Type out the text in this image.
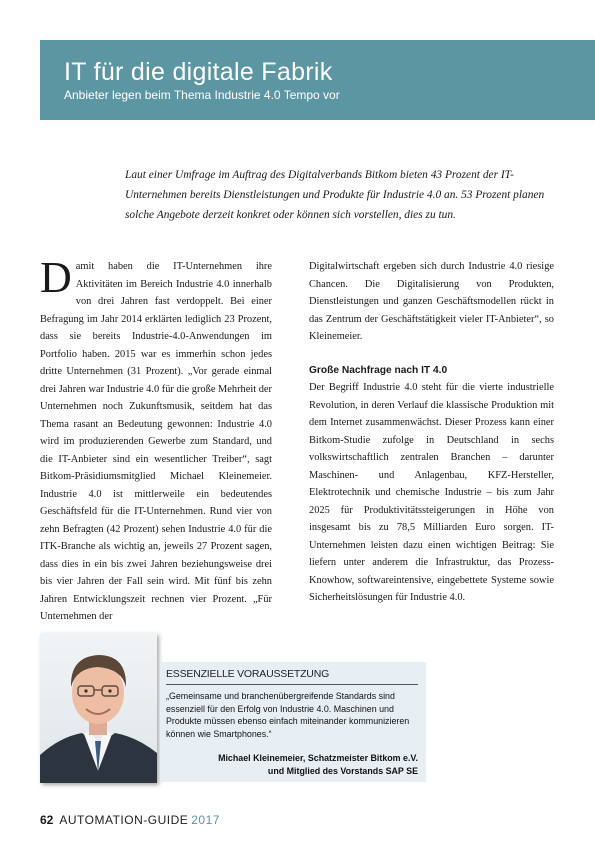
IT für die digitale Fabrik
Anbieter legen beim Thema Industrie 4.0 Tempo vor

Laut einer Umfrage im Auftrag des Digitalverbands Bitkom bieten 43 Prozent der IT-Unternehmen bereits Dienstleistungen und Produkte für Industrie 4.0 an. 53 Prozent planen solche Angebote derzeit konkret oder können sich vorstellen, dies zu tun.

Damit haben die IT-Unternehmen ihre Aktivitäten im Bereich Industrie 4.0 innerhalb von drei Jahren fast verdoppelt. Bei einer Befragung im Jahr 2014 erklärten lediglich 23 Prozent, dass sie bereits Industrie-4.0-Anwendungen im Portfolio haben. 2015 war es immerhin schon jedes dritte Unternehmen (31 Prozent). „Vor gerade einmal drei Jahren war Industrie 4.0 für die große Mehrheit der Unternehmen noch Zukunftsmusik, seitdem hat das Thema rasant an Bedeutung gewonnen: Industrie 4.0 wird im produzierenden Gewerbe zum Standard, und die IT-Anbieter sind ein wesentlicher Treiber“, sagt Bitkom-Präsidiumsmitglied Michael Kleinemeier. Industrie 4.0 ist mittlerweile ein bedeutendes Geschäftsfeld für die IT-Unternehmen. Rund vier von zehn Befragten (42 Prozent) sehen Industrie 4.0 für die ITK-Branche als wichtig an, jeweils 27 Prozent sagen, dass dies in ein bis zwei Jahren beziehungsweise drei bis vier Jahren der Fall sein wird. Mit fünf bis zehn Jahren Entwicklungszeit rechnen vier Prozent. „Für Unternehmen der

Digitalwirtschaft ergeben sich durch Industrie 4.0 riesige Chancen. Die Digitalisierung von Produkten, Dienstleistungen und ganzen Geschäftsmodellen rückt in das Zentrum der Geschäftstätigkeit vieler IT-Anbieter“, so Kleinemeier.

Große Nachfrage nach IT 4.0

Der Begriff Industrie 4.0 steht für die vierte industrielle Revolution, in deren Verlauf die klassische Produktion mit dem Internet zusammenwächst. Dieser Prozess kann einer Bitkom-Studie zufolge in Deutschland in sechs volkswirtschaftlich zentralen Branchen – darunter Maschinen- und Anlagenbau, KFZ-Hersteller, Elektrotechnik und chemische Industrie – bis zum Jahr 2025 für Produktivitätssteigerungen in Höhe von insgesamt bis zu 78,5 Milliarden Euro sorgen. IT-Unternehmen leisten dazu einen wichtigen Beitrag: Sie liefern unter anderem die Infrastruktur, das Prozess-Knowhow, softwareintensive, eingebettete Systeme sowie Sicherheitslösungen für Industrie 4.0.

ESSENZIELLE VORAUSSETZUNG

„Gemeinsame und branchenübergreifende Standards sind essenziell für den Erfolg von Industrie 4.0. Maschinen und Produkte müssen ebenso einfach miteinander kommunizieren können wie Smartphones.“

Michael Kleinemeier, Schatzmeister Bitkom e.V.
und Mitglied des Vorstands SAP SE
62 AUTOMATION-GUIDE 2017
